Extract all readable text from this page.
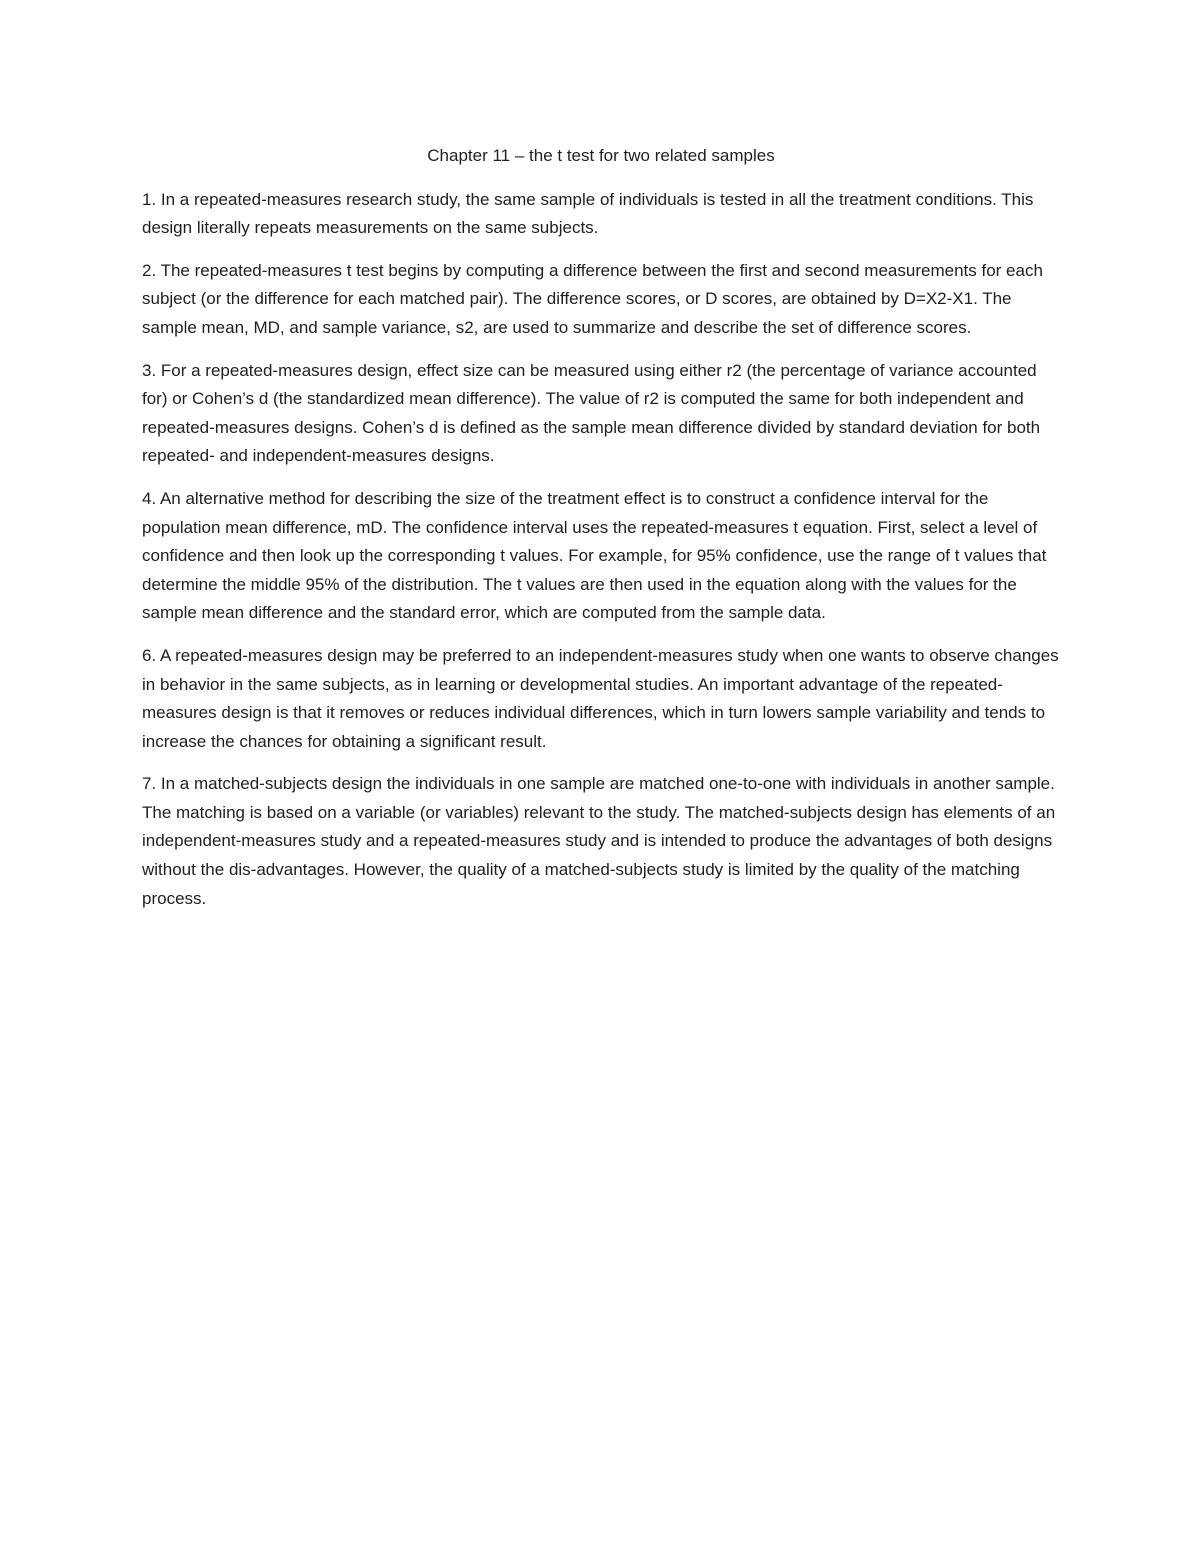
Chapter 11 – the t test for two related samples

1. In a repeated-measures research study, the same sample of individuals is tested in all the treatment conditions. This design literally repeats measurements on the same subjects.

2. The repeated-measures t test begins by computing a difference between the first and second measurements for each subject (or the difference for each matched pair). The difference scores, or D scores, are obtained by D=X2-X1. The sample mean, MD, and sample variance, s2, are used to summarize and describe the set of difference scores.

3. For a repeated-measures design, effect size can be measured using either r2 (the percentage of variance accounted for) or Cohen’s d (the standardized mean difference). The value of r2 is computed the same for both independent and repeated-measures designs. Cohen’s d is defined as the sample mean difference divided by standard deviation for both repeated- and independent-measures designs.

4. An alternative method for describing the size of the treatment effect is to construct a confidence interval for the population mean difference, mD. The confidence interval uses the repeated-measures t equation. First, select a level of confidence and then look up the corresponding t values. For example, for 95% confidence, use the range of t values that determine the middle 95% of the distribution. The t values are then used in the equation along with the values for the sample mean difference and the standard error, which are computed from the sample data.

6. A repeated-measures design may be preferred to an independent-measures study when one wants to observe changes in behavior in the same subjects, as in learning or developmental studies. An important advantage of the repeated-measures design is that it removes or reduces individual differences, which in turn lowers sample variability and tends to increase the chances for obtaining a significant result.

7. In a matched-subjects design the individuals in one sample are matched one-to-one with individuals in another sample. The matching is based on a variable (or variables) relevant to the study. The matched-subjects design has elements of an independent-measures study and a repeated-measures study and is intended to produce the advantages of both designs without the dis-advantages. However, the quality of a matched-subjects study is limited by the quality of the matching process.
